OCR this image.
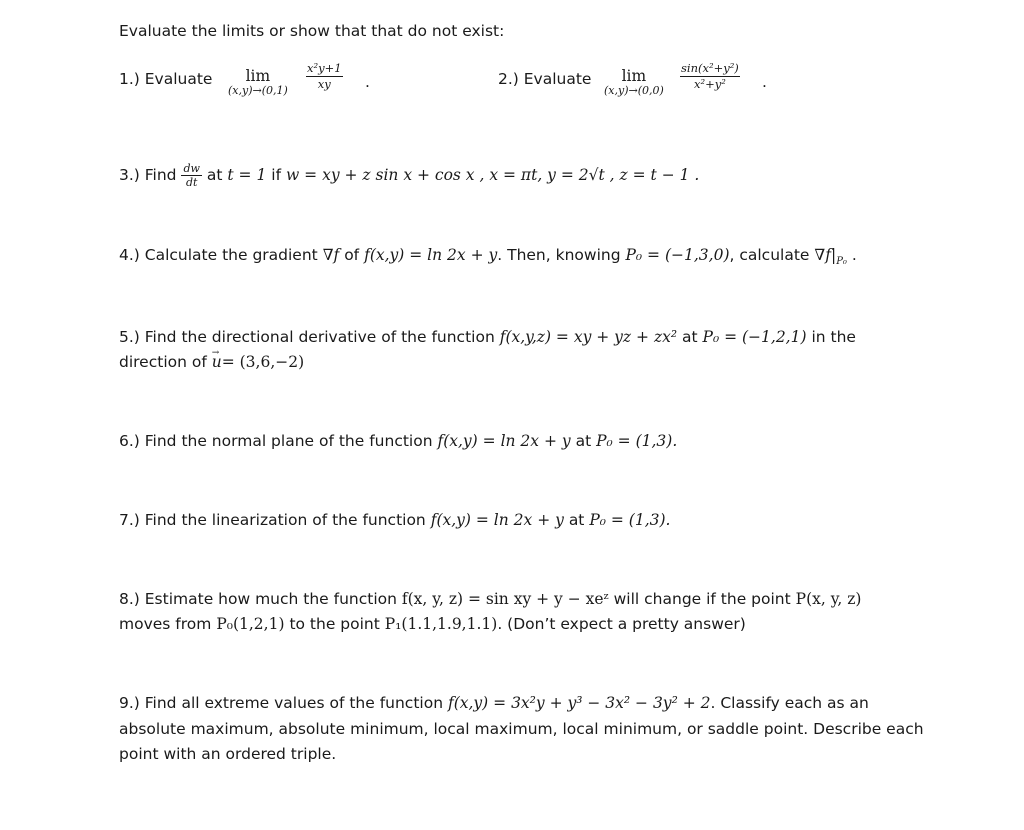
Evaluate the limits or show that that do not exist:
1.) Evaluate	lim
$(x,y)\to(0,1) \frac{\text{x²y+1}}{xy}$ .	2.) Evaluate	lim
$(x,y)\to(0,0) \frac{\text{sin(x²+y²)}}{\text{x²+y²}}$ .
3.) Find $\frac{dw}{dt}$ at t = 1 if w = xy + z sin x + cos x , x = πt, y = 2√t , z = t − 1 .
4.) Calculate the gradient ∇f of f(x,y) = ln 2x + y. Then, knowing P₀ = (−1,3,0), calculate $\nabla f|_{P_0}$ .
5.) Find the directional derivative of the function f(x,y,z) = xy + yz + zx² at P₀ = (−1,2,1) in the
direction of → u= (3,6,−2)
6.) Find the normal plane of the function f(x,y) = ln 2x + y at P₀ = (1,3).
7.) Find the linearization of the function f(x,y) = ln 2x + y at P₀ = (1,3).
8.) Estimate how much the function f(x, y, z) = sin xy + y − xeᶻ will change if the point P(x, y, z)
moves from P₀(1,2,1) to the point P₁(1.1,1.9,1.1). (Don’t expect a pretty answer)
9.) Find all extreme values of the function f(x,y) = 3x²y + y³ − 3x² − 3y² + 2. Classify each as an
absolute maximum, absolute minimum, local maximum, local minimum, or saddle point. Describe each
point with an ordered triple.
